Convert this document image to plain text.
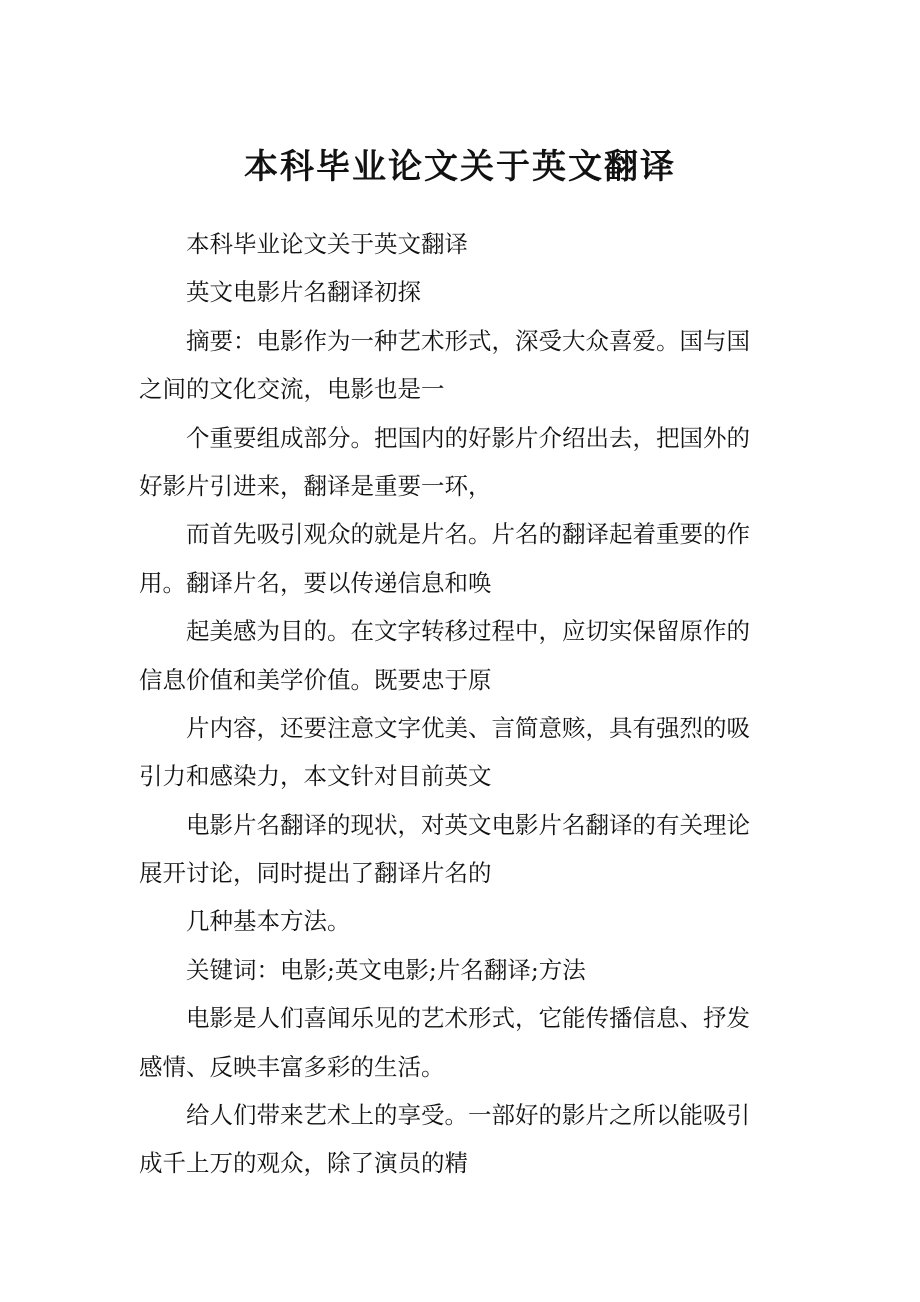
本科毕业论文关于英文翻译

本科毕业论文关于英文翻译

英文电影片名翻译初探

摘要：电影作为一种艺术形式，深受大众喜爱。国与国
之间的文化交流，电影也是一

个重要组成部分。把国内的好影片介绍出去，把国外的
好影片引进来，翻译是重要一环，

而首先吸引观众的就是片名。片名的翻译起着重要的作
用。翻译片名，要以传递信息和唤

起美感为目的。在文字转移过程中，应切实保留原作的
信息价值和美学价值。既要忠于原

片内容，还要注意文字优美、言简意赅，具有强烈的吸
引力和感染力，本文针对目前英文

电影片名翻译的现状，对英文电影片名翻译的有关理论
展开讨论，同时提出了翻译片名的

几种基本方法。

关键词：电影;英文电影;片名翻译;方法

电影是人们喜闻乐见的艺术形式，它能传播信息、抒发
感情、反映丰富多彩的生活。

给人们带来艺术上的享受。一部好的影片之所以能吸引
成千上万的观众，除了演员的精
